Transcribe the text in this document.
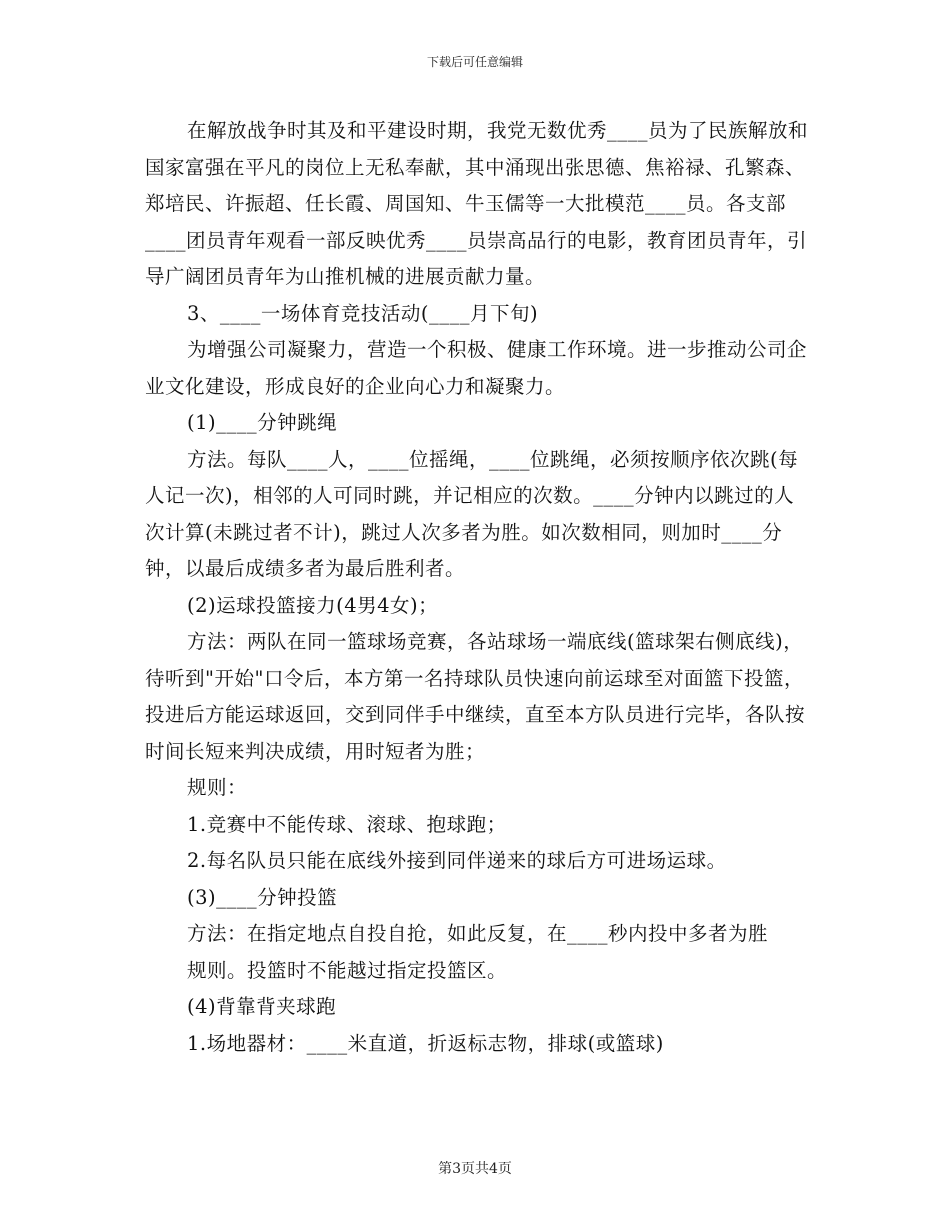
下载后可任意编辑

在解放战争时其及和平建设时期，我党无数优秀____员为了民族解放和国家富强在平凡的岗位上无私奉献，其中涌现出张思德、焦裕禄、孔繁森、郑培民、许振超、任长霞、周国知、牛玉儒等一大批模范____员。各支部____团员青年观看一部反映优秀____员崇高品行的电影，教育团员青年，引导广阔团员青年为山推机械的进展贡献力量。

3、____一场体育竞技活动(____月下旬)

为增强公司凝聚力，营造一个积极、健康工作环境。进一步推动公司企业文化建设，形成良好的企业向心力和凝聚力。

(1)____分钟跳绳

方法。每队____人，____位摇绳，____位跳绳，必须按顺序依次跳(每人记一次)，相邻的人可同时跳，并记相应的次数。____分钟内以跳过的人次计算(未跳过者不计)，跳过人次多者为胜。如次数相同，则加时____分钟，以最后成绩多者为最后胜利者。

(2)运球投篮接力(4男4女)；

方法：两队在同一篮球场竞赛，各站球场一端底线(篮球架右侧底线)，待听到"开始"口令后，本方第一名持球队员快速向前运球至对面篮下投篮，投进后方能运球返回，交到同伴手中继续，直至本方队员进行完毕，各队按时间长短来判决成绩，用时短者为胜；

规则：

1.竞赛中不能传球、滚球、抱球跑；

2.每名队员只能在底线外接到同伴递来的球后方可进场运球。

(3)____分钟投篮

方法：在指定地点自投自抢，如此反复，在____秒内投中多者为胜

规则。投篮时不能越过指定投篮区。

(4)背靠背夹球跑

1.场地器材：____米直道，折返标志物，排球(或篮球)

第3页共4页
